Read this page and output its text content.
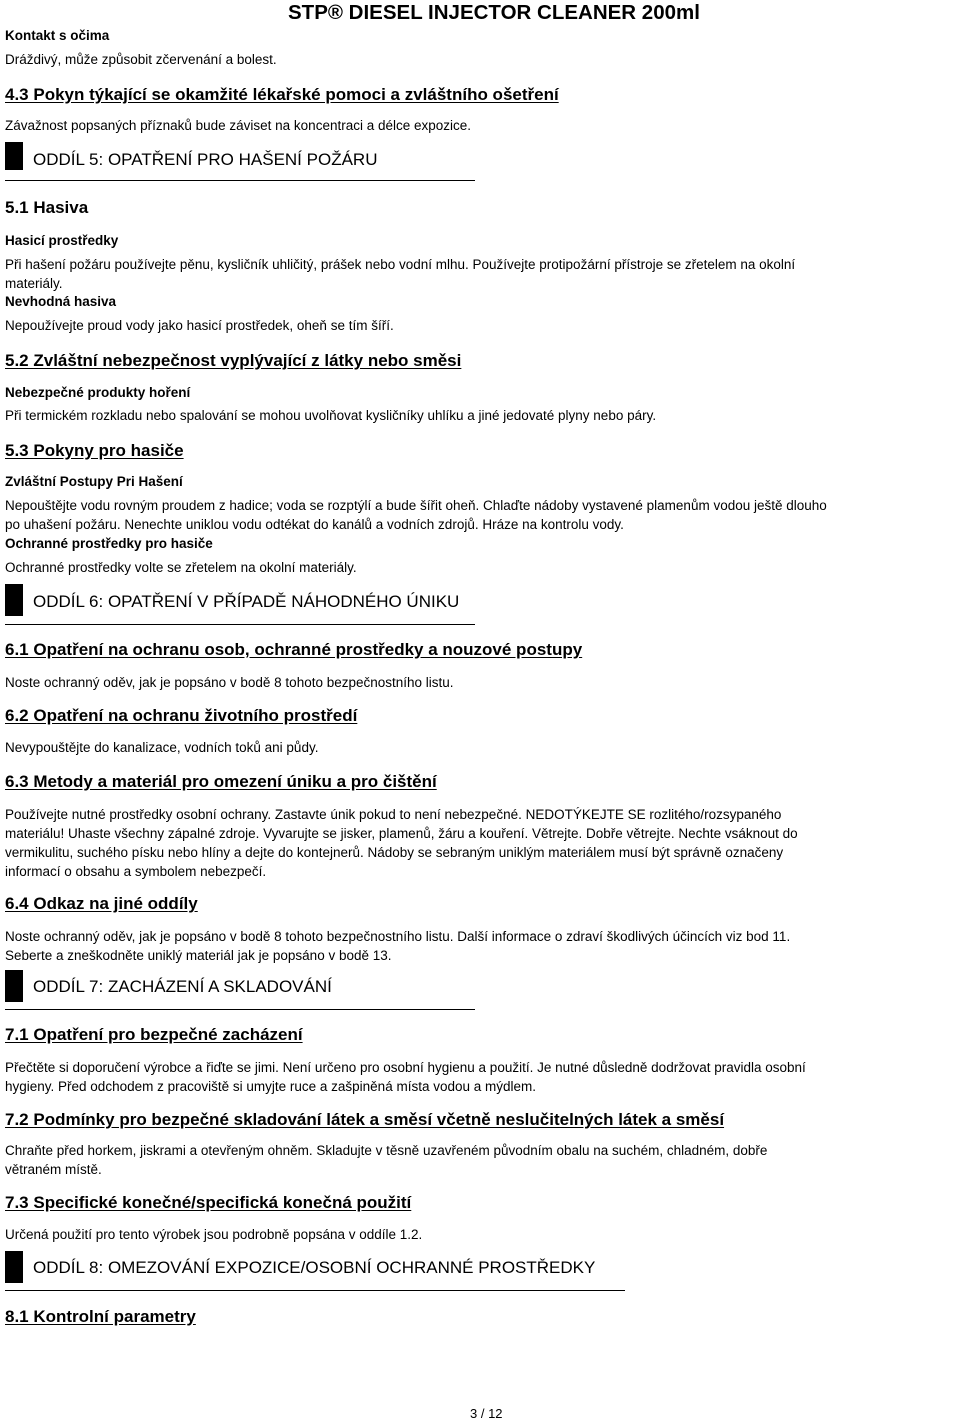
STP® DIESEL INJECTOR CLEANER 200ml
Kontakt s očima
Dráždivý, může způsobit zčervenání a bolest.
4.3 Pokyn týkající se okamžité lékařské pomoci a zvláštního ošetření
Závažnost popsaných příznaků bude záviset na koncentraci a délce expozice.
ODDÍL 5: OPATŘENÍ PRO HAŠENÍ POŽÁRU
5.1 Hasiva
Hasicí prostředky
Při hašení požáru používejte pěnu, kysličník uhličitý, prášek nebo vodní mlhu. Používejte protipožární přístroje se zřetelem na okolní
materiály.
Nevhodná hasiva
Nepoužívejte proud vody jako hasicí prostředek, oheň se tím šíří.
5.2 Zvláštní nebezpečnost vyplývající z látky nebo směsi
Nebezpečné produkty hoření
Při termickém rozkladu nebo spalování se mohou uvolňovat kysličníky uhlíku a jiné jedovaté plyny nebo páry.
5.3 Pokyny pro hasiče
Zvláštní Postupy Pri Hašení
Nepouštějte vodu rovným proudem z hadice; voda se rozptýlí a bude šířit oheň. Chlaďte nádoby vystavené plamenům vodou ještě dlouho
po uhašení požáru. Nenechte uniklou vodu odtékat do kanálů a vodních zdrojů. Hráze na kontrolu vody.
Ochranné prostředky pro hasiče
Ochranné prostředky volte se zřetelem na okolní materiály.
ODDÍL 6: OPATŘENÍ V PŘÍPADĚ NÁHODNÉHO ÚNIKU
6.1 Opatření na ochranu osob, ochranné prostředky a nouzové postupy
Noste ochranný oděv, jak je popsáno v bodě 8 tohoto bezpečnostního listu.
6.2 Opatření na ochranu životního prostředí
Nevypouštějte do kanalizace, vodních toků ani půdy.
6.3 Metody a materiál pro omezení úniku a pro čištění
Používejte nutné prostředky osobní ochrany. Zastavte únik pokud to není nebezpečné. NEDOTÝKEJTE SE rozlitého/rozsypaného
materiálu! Uhaste všechny zápalné zdroje. Vyvarujte se jisker, plamenů, žáru a kouření. Větrejte. Dobře větrejte. Nechte vsáknout do
vermikulitu, suchého písku nebo hlíny a dejte do kontejnerů. Nádoby se sebraným uniklým materiálem musí být správně označeny
informací o obsahu a symbolem nebezpečí.
6.4 Odkaz na jiné oddíly
Noste ochranný oděv, jak je popsáno v bodě 8 tohoto bezpečnostního listu. Další informace o zdraví škodlivých účincích viz bod 11.
Seberte a zneškodněte uniklý materiál jak je popsáno v bodě 13.
ODDÍL 7: ZACHÁZENÍ A SKLADOVÁNÍ
7.1 Opatření pro bezpečné zacházení
Přečtěte si doporučení výrobce a řiďte se jimi. Není určeno pro osobní hygienu a použití. Je nutné důsledně dodržovat pravidla osobní
hygieny. Před odchodem z pracoviště si umyjte ruce a zašpiněná místa vodou a mýdlem.
7.2 Podmínky pro bezpečné skladování látek a směsí včetně neslučitelných látek a směsí
Chraňte před horkem, jiskrami a otevřeným ohněm. Skladujte v těsně uzavřeném původním obalu na suchém, chladném, dobře
větraném místě.
7.3 Specifické konečné/specifická konečná použití
Určená použití pro tento výrobek jsou podrobně popsána v oddíle 1.2.
ODDÍL 8: OMEZOVÁNÍ EXPOZICE/OSOBNÍ OCHRANNÉ PROSTŘEDKY
8.1 Kontrolní parametry
3 / 12
